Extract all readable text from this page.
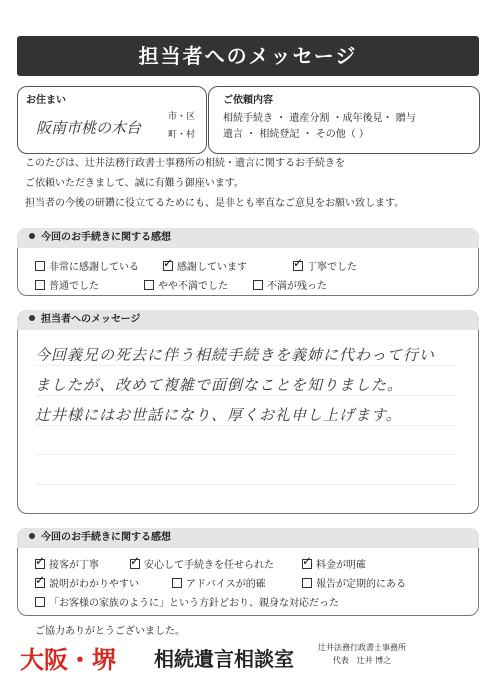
担当者へのメッセージ
お住まい
阪南市桃の木台
市・区
町・村
ご依頼内容
相続手続き ・ 遺産分割 ・成年後見・ 贈与
遺言 ・ 相続登記 ・ その他（ ）
このたびは、辻井法務行政書士事務所の相続・遺言に関するお手続きを
ご依頼いただきまして、誠に有難う御座います。
担当者の今後の研鑽に役立てるためにも、是非とも率直なご意見をお願い致します。
今回のお手続きに関する感想
非常に感謝している ✓	感謝しています ✓	丁寧でした
普通でした	やや不満でした	不満が残った
担当者へのメッセージ
今回義兄の死去に伴う相続手続きを義姉に代わって行い
ましたが、改めて複雑で面倒なことを知りました。
辻井様にはお世話になり、厚くお礼申し上げます。
今回のお手続きに関する感想
✓接客が丁寧 ✓	安心して手続きを任せられた ✓	料金が明確
✓説明がわかりやすい	アドバイスが的確	報告が定期的にある
「お客様の家族のように」という方針どおり、親身な対応だった
ご協力ありがとうございました。
大阪・堺 相続遺言相談室	辻井法務行政書士事務所
代表　辻井 博之
